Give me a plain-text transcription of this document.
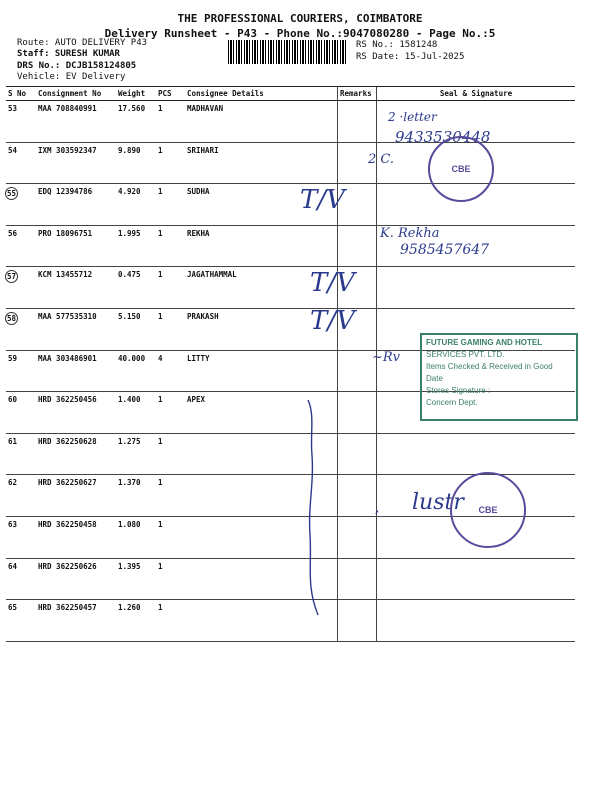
THE PROFESSIONAL COURIERS, COIMBATORE
Delivery Runsheet - P43 - Phone No.:9047080280 - Page No.:5
Route: AUTO DELIVERY P43
Staff: SURESH KUMAR
DRS No.: DCJB158124805
Vehicle: EV Delivery
RS No.: 1581248
RS Date: 15-Jul-2025
S No	Consignment No	Weight	PCS	Consignee Details	Remarks	Seal & Signature
53	MAA 708840991	17.560	1	MADHAVAN		
54	IXM 303592347	9.890	1	SRIHARI		
55	EDQ 12394786	4.920	1	SUDHA		
56	PRO 18096751	1.995	1	REKHA		
57	KCM 13455712	0.475	1	JAGATHAMMAL		
58	MAA 577535310	5.150	1	PRAKASH		
59	MAA 303486901	40.000	4	LITTY		
60	HRD 362250456	1.400	1	APEX		
61	HRD 362250628	1.275	1			
62	HRD 362250627	1.370	1			
63	HRD 362250458	1.080	1			
64	HRD 362250626	1.395	1			
65	HRD 362250457	1.260	1			
2 ·letter
9433530448
2 C.
CBE
T/V
K. Rekha
9585457647
T/V
T/V
~Rv
FUTURE GAMING AND HOTEL
SERVICES PVT. LTD.
Items Checked & Received in Good
Date
Stores Signature :
Concern Dept.
, lustr	CBE
